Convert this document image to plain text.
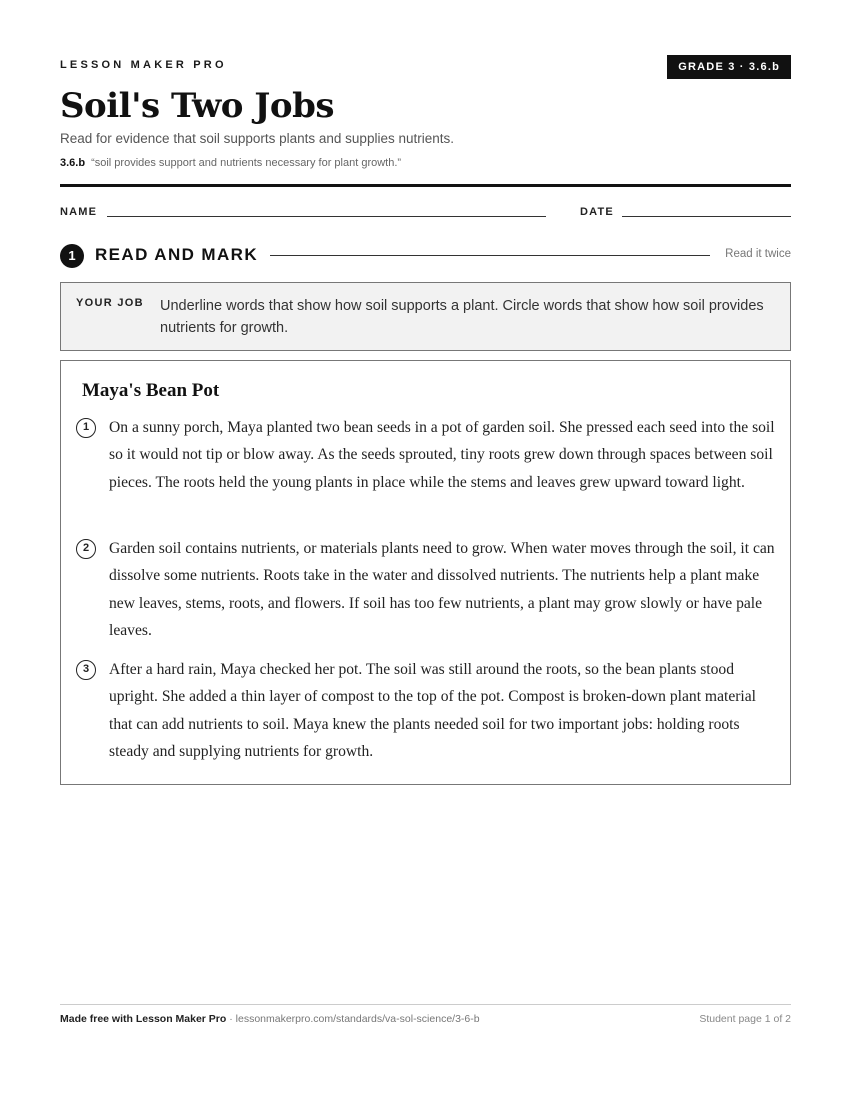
LESSON MAKER PRO	GRADE 3 · 3.6.b
Soil's Two Jobs
Read for evidence that soil supports plants and supplies nutrients.
3.6.b “soil provides support and nutrients necessary for plant growth.”
NAME	DATE
1	READ AND MARK	Read it twice
YOUR JOB Underline words that show how soil supports a plant. Circle words that show how soil provides nutrients for growth.
Maya's Bean Pot
1	On a sunny porch, Maya planted two bean seeds in a pot of garden soil. She pressed each seed into the soil so it would not tip or blow away. As the seeds sprouted, tiny roots grew down through spaces between soil pieces. The roots held the young plants in place while the stems and leaves grew upward toward light.
2	Garden soil contains nutrients, or materials plants need to grow. When water moves through the soil, it can dissolve some nutrients. Roots take in the water and dissolved nutrients. The nutrients help a plant make new leaves, stems, roots, and flowers. If soil has too few nutrients, a plant may grow slowly or have pale leaves.
3	After a hard rain, Maya checked her pot. The soil was still around the roots, so the bean plants stood upright. She added a thin layer of compost to the top of the pot. Compost is broken-down plant material that can add nutrients to soil. Maya knew the plants needed soil for two important jobs: holding roots steady and supplying nutrients for growth.
Made free with Lesson Maker Pro · lessonmakerpro.com/standards/va-sol-science/3-6-b	Student page 1 of 2
